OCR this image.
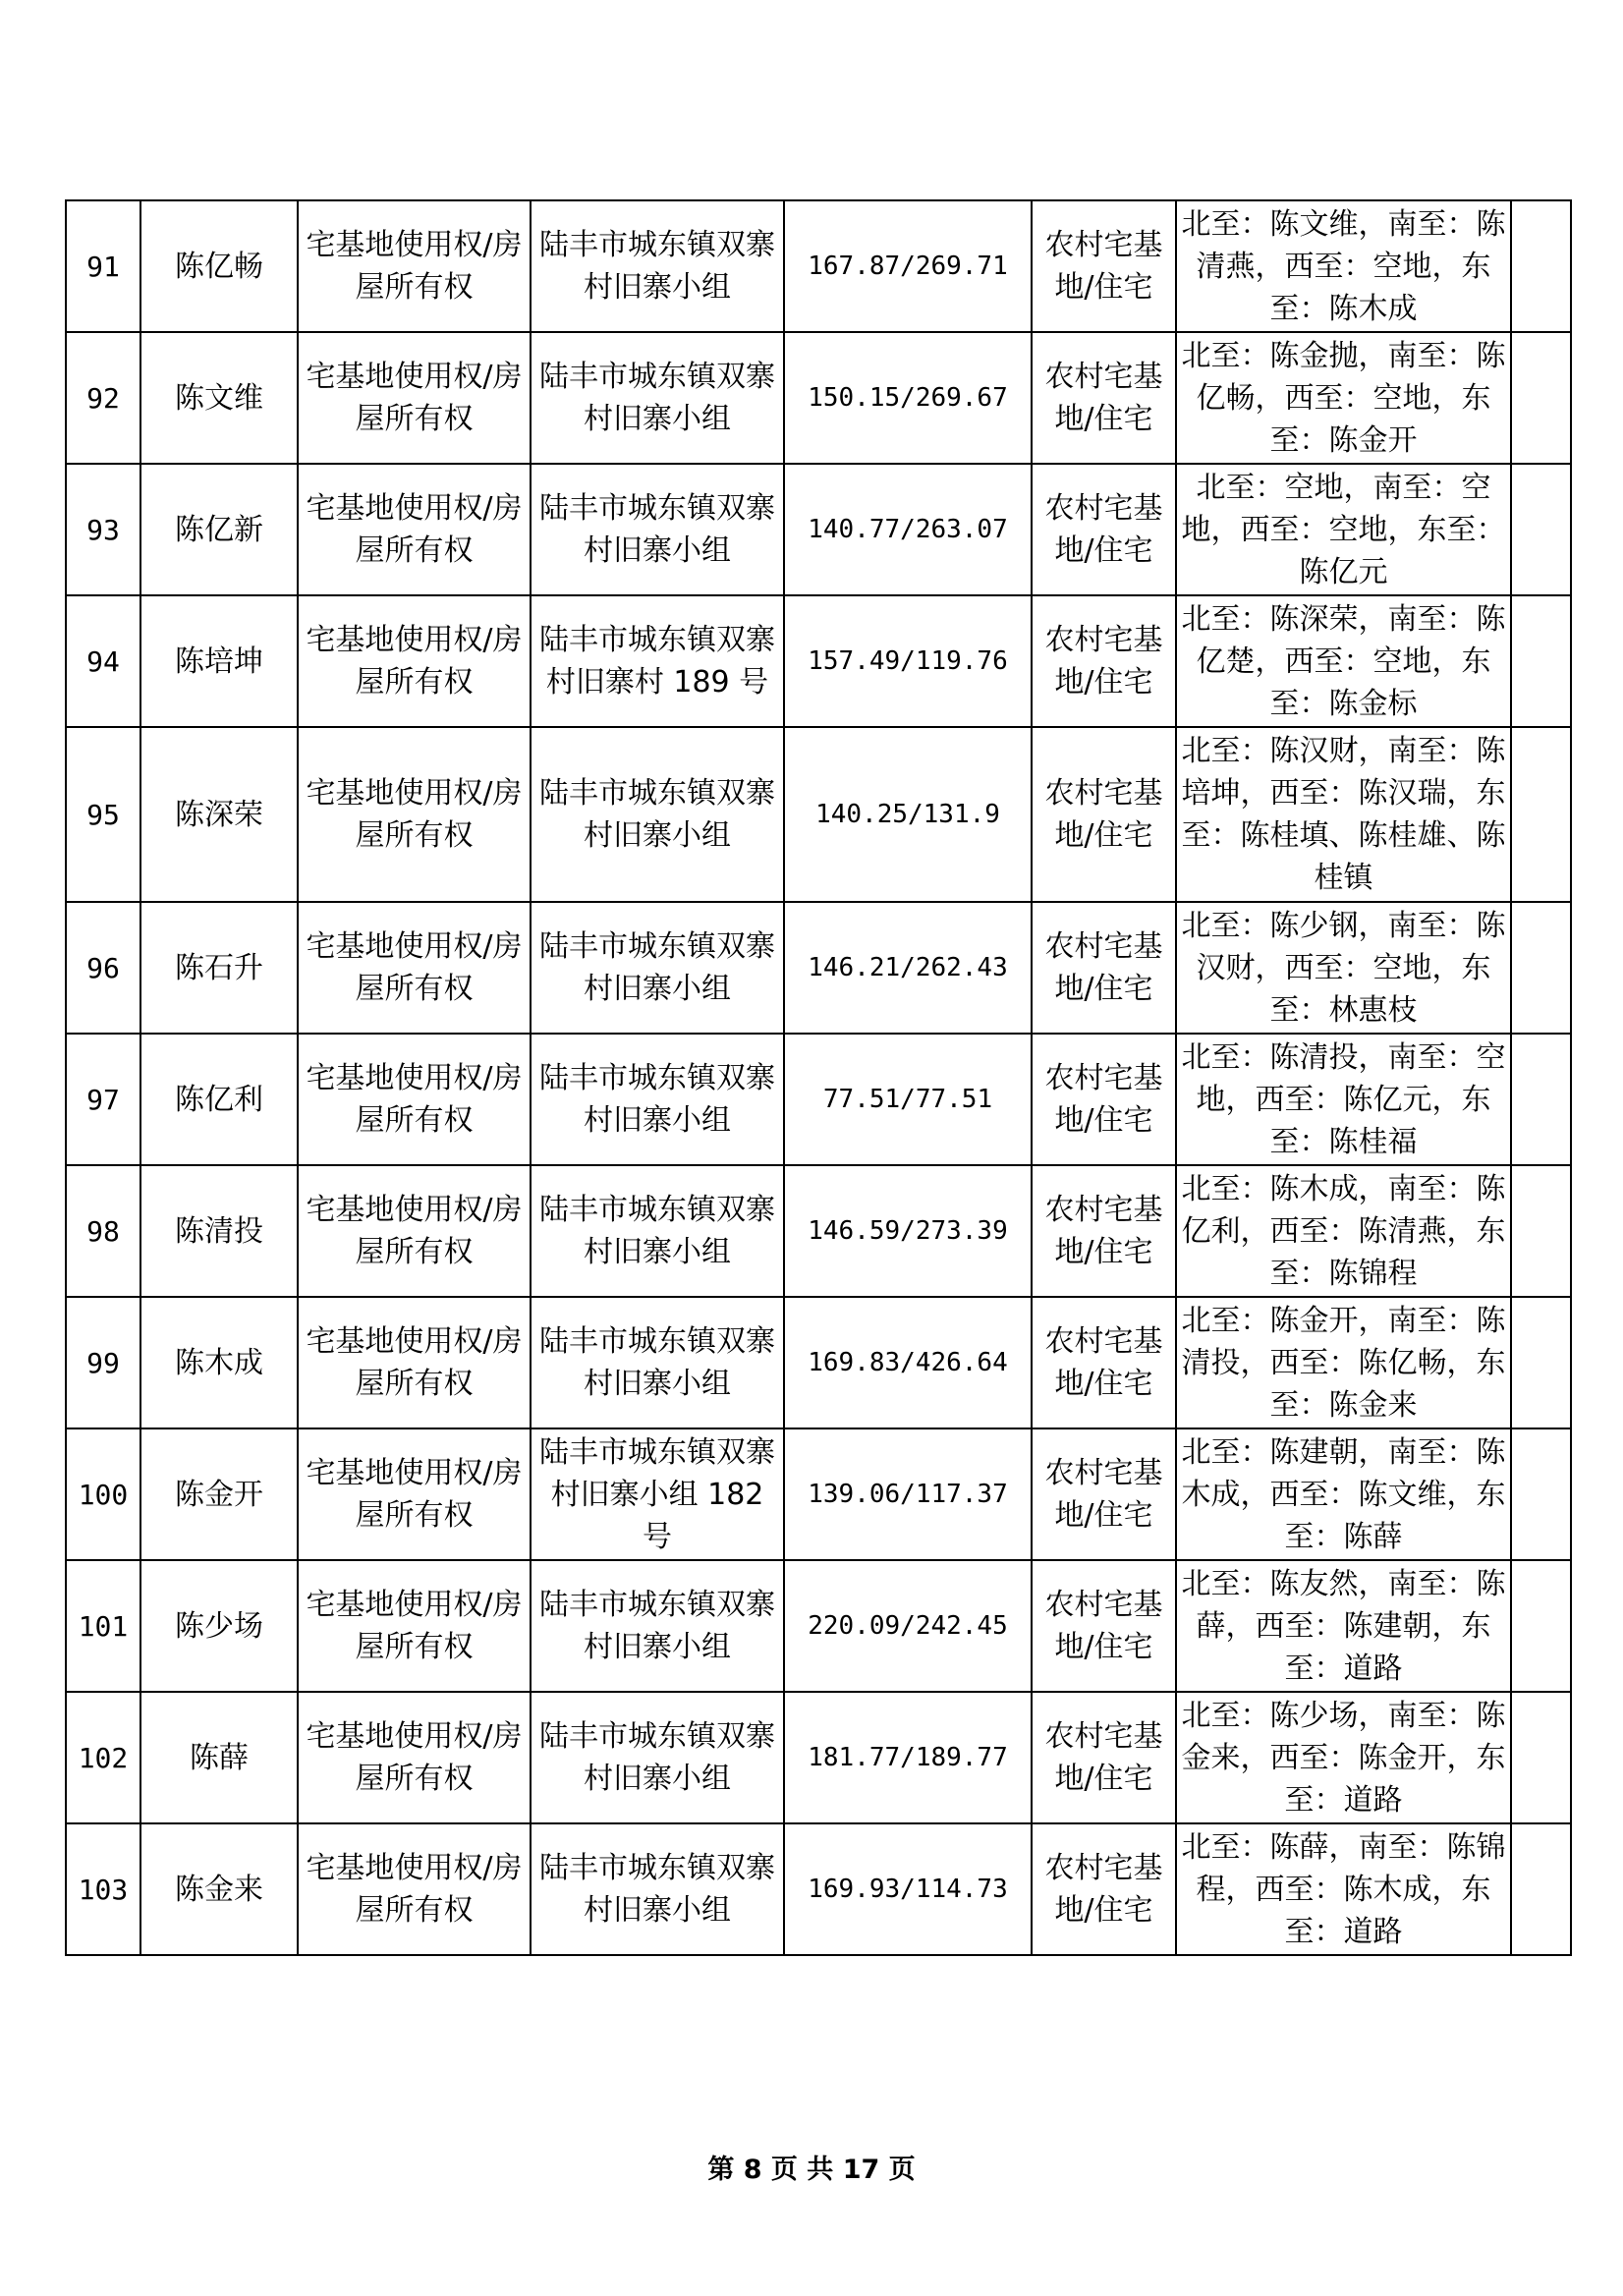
91	陈亿畅	宅基地使用权/房屋所有权	陆丰市城东镇双寨村旧寨小组	167.87/269.71	农村宅基地/住宅	北至：陈文维，南至：陈清燕，西至：空地，东至：陈木成	
92	陈文维	宅基地使用权/房屋所有权	陆丰市城东镇双寨村旧寨小组	150.15/269.67	农村宅基地/住宅	北至：陈金抛，南至：陈亿畅，西至：空地，东至：陈金开	
93	陈亿新	宅基地使用权/房屋所有权	陆丰市城东镇双寨村旧寨小组	140.77/263.07	农村宅基地/住宅	北至：空地，南至：空地，西至：空地，东至：陈亿元	
94	陈培坤	宅基地使用权/房屋所有权	陆丰市城东镇双寨村旧寨村 189 号	157.49/119.76	农村宅基地/住宅	北至：陈深荣，南至：陈亿楚，西至：空地，东至：陈金标	
95	陈深荣	宅基地使用权/房屋所有权	陆丰市城东镇双寨村旧寨小组	140.25/131.9	农村宅基地/住宅	北至：陈汉财，南至：陈培坤，西至：陈汉瑞，东至：陈桂填、陈桂雄、陈桂镇	
96	陈石升	宅基地使用权/房屋所有权	陆丰市城东镇双寨村旧寨小组	146.21/262.43	农村宅基地/住宅	北至：陈少钢，南至：陈汉财，西至：空地，东至：林惠枝	
97	陈亿利	宅基地使用权/房屋所有权	陆丰市城东镇双寨村旧寨小组	77.51/77.51	农村宅基地/住宅	北至：陈清投，南至：空地，西至：陈亿元，东至：陈桂福	
98	陈清投	宅基地使用权/房屋所有权	陆丰市城东镇双寨村旧寨小组	146.59/273.39	农村宅基地/住宅	北至：陈木成，南至：陈亿利，西至：陈清燕，东至：陈锦程	
99	陈木成	宅基地使用权/房屋所有权	陆丰市城东镇双寨村旧寨小组	169.83/426.64	农村宅基地/住宅	北至：陈金开，南至：陈清投，西至：陈亿畅，东至：陈金来	
100	陈金开	宅基地使用权/房屋所有权	陆丰市城东镇双寨村旧寨小组 182 号	139.06/117.37	农村宅基地/住宅	北至：陈建朝，南至：陈木成，西至：陈文维，东至：陈薛	
101	陈少场	宅基地使用权/房屋所有权	陆丰市城东镇双寨村旧寨小组	220.09/242.45	农村宅基地/住宅	北至：陈友然，南至：陈薛，西至：陈建朝，东至：道路	
102	陈薛	宅基地使用权/房屋所有权	陆丰市城东镇双寨村旧寨小组	181.77/189.77	农村宅基地/住宅	北至：陈少场，南至：陈金来，西至：陈金开，东至：道路	
103	陈金来	宅基地使用权/房屋所有权	陆丰市城东镇双寨村旧寨小组	169.93/114.73	农村宅基地/住宅	北至：陈薛，南至：陈锦程，西至：陈木成，东至：道路	
第 8 页 共 17 页
